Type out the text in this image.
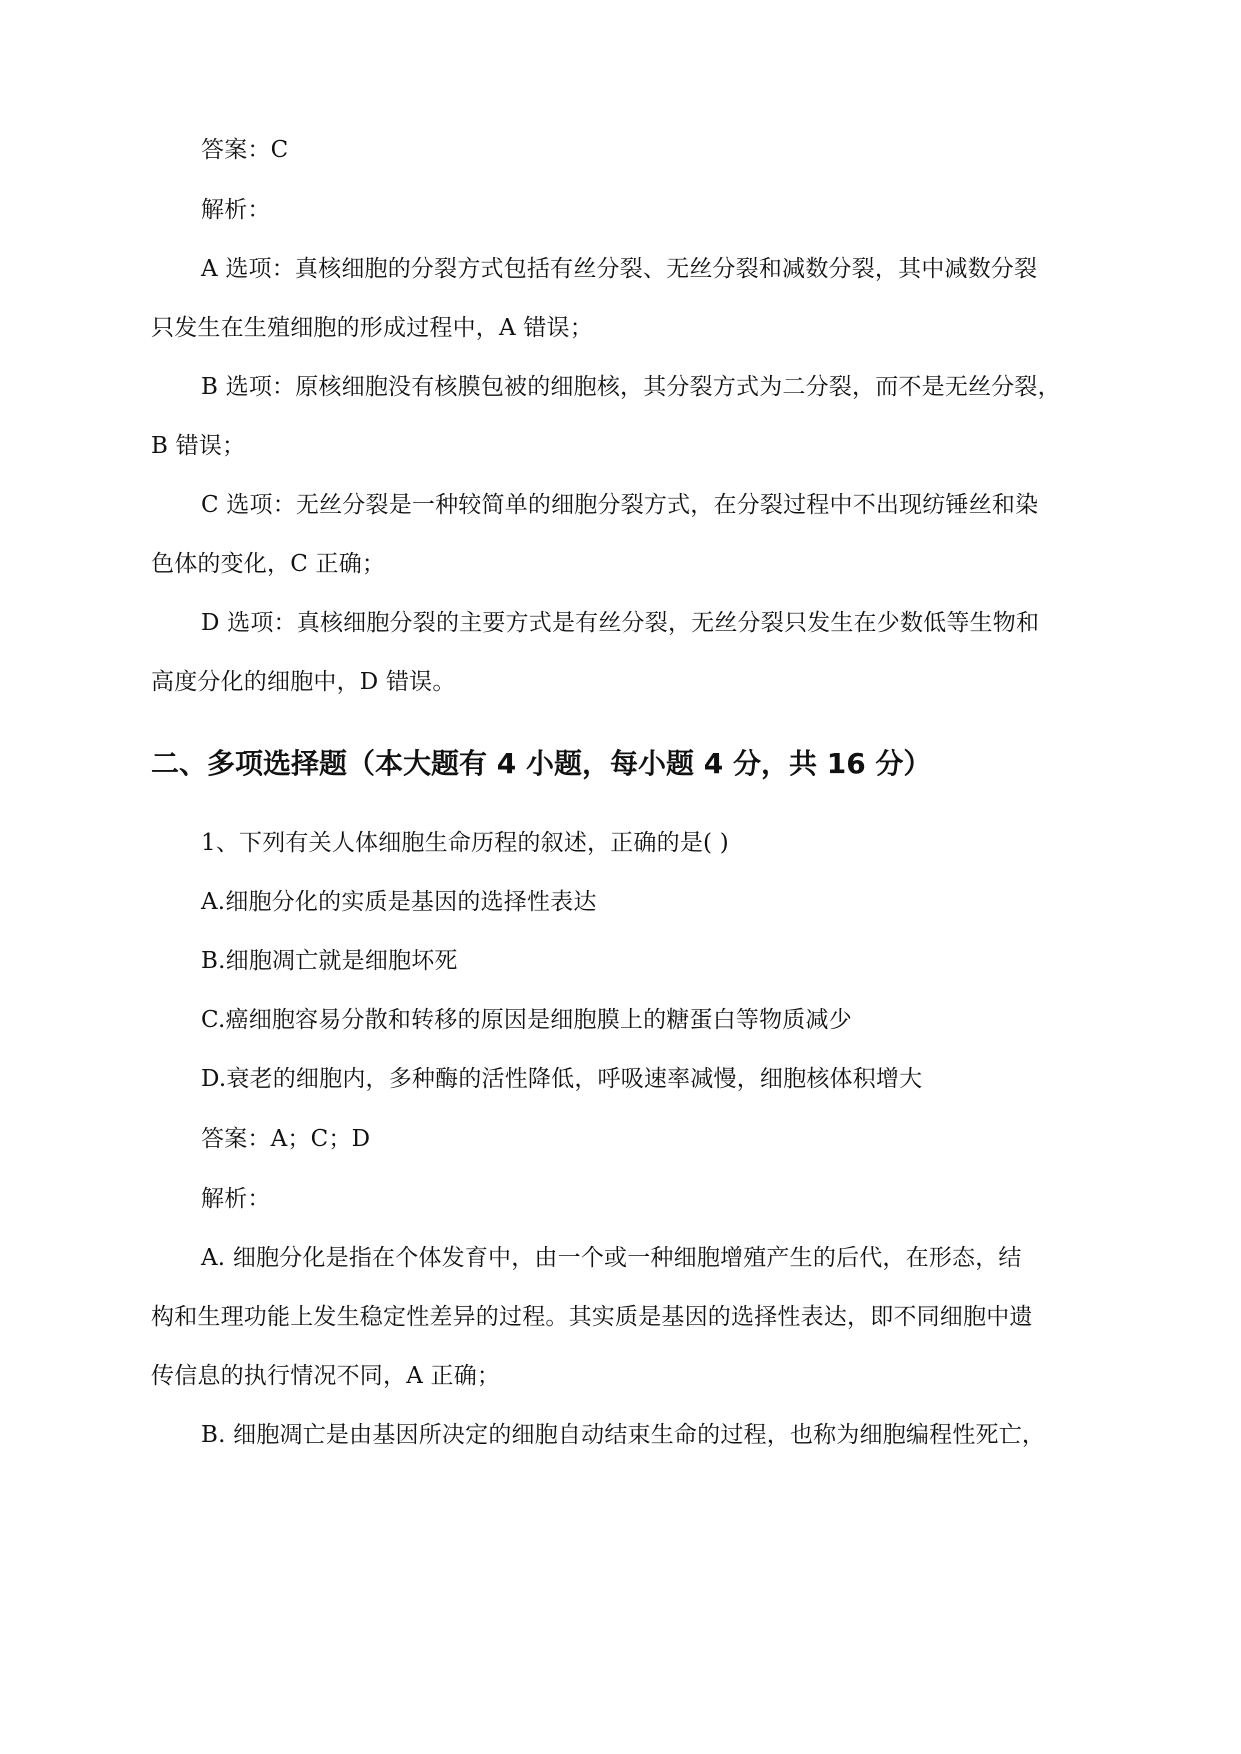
答案：C
解析：
A 选项：真核细胞的分裂方式包括有丝分裂、无丝分裂和减数分裂，其中减数分裂
只发生在生殖细胞的形成过程中，A 错误；
B 选项：原核细胞没有核膜包被的细胞核，其分裂方式为二分裂，而不是无丝分裂，
B 错误；
C 选项：无丝分裂是一种较简单的细胞分裂方式，在分裂过程中不出现纺锤丝和染
色体的变化，C 正确；
D 选项：真核细胞分裂的主要方式是有丝分裂，无丝分裂只发生在少数低等生物和
高度分化的细胞中，D 错误。
二、多项选择题（本大题有 4 小题，每小题 4 分，共 16 分）
1、下列有关人体细胞生命历程的叙述，正确的是( )
A.细胞分化的实质是基因的选择性表达
B.细胞凋亡就是细胞坏死
C.癌细胞容易分散和转移的原因是细胞膜上的糖蛋白等物质减少
D.衰老的细胞内，多种酶的活性降低，呼吸速率减慢，细胞核体积增大
答案：A；C；D
解析：
A. 细胞分化是指在个体发育中，由一个或一种细胞增殖产生的后代，在形态，结
构和生理功能上发生稳定性差异的过程。其实质是基因的选择性表达，即不同细胞中遗
传信息的执行情况不同，A 正确；
B. 细胞凋亡是由基因所决定的细胞自动结束生命的过程，也称为细胞编程性死亡，
